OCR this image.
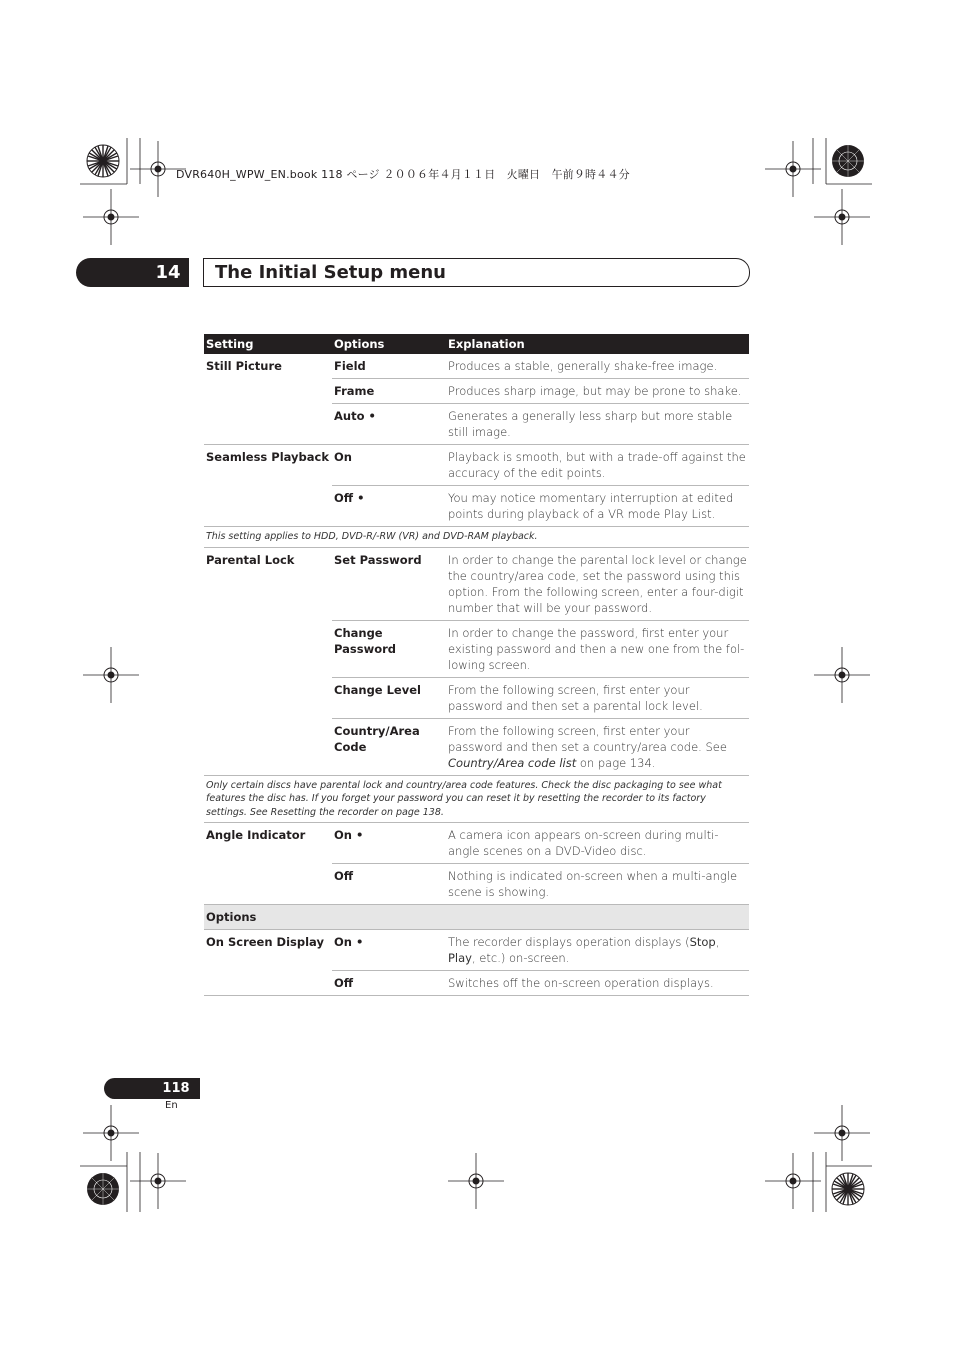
DVR640H_WPW_EN.book 118 ページ ２００６年４月１１日　火曜日　午前９時４４分
14	The Initial Setup menu
Setting	Options	Explanation
Still Picture	Field	Produces a stable, generally shake-free image.
	Frame	Produces sharp image, but may be prone to shake.
	Auto •	Generates a generally less sharp but more stable still image.
Seamless Playback	On	Playback is smooth, but with a trade-off against the accuracy of the edit points.
	Off •	You may notice momentary interruption at edited points during playback of a VR mode Play List.
This setting applies to HDD, DVD-R/-RW (VR) and DVD-RAM playback.		
Parental Lock	Set Password	In order to change the parental lock level or change the country/area code, set the password using this option. From the following screen, enter a four-digit number that will be your password.
	Change Password	In order to change the password, first enter your existing password and then a new one from the fol-lowing screen.
	Change Level	From the following screen, first enter your password and then set a parental lock level.
	Country/Area Code	From the following screen, first enter your password and then set a country/area code. See Country/Area code list on page 134.
Only certain discs have parental lock and country/area code features. Check the disc packaging to see what features the disc has. If you forget your password you can reset it by resetting the recorder to its factory settings. See Resetting the recorder on page 138.		
Angle Indicator	On •	A camera icon appears on-screen during multi-angle scenes on a DVD-Video disc.
	Off	Nothing is indicated on-screen when a multi-angle scene is showing.
Options		
On Screen Display	On •	The recorder displays operation displays (Stop, Play, etc.) on-screen.
	Off	Switches off the on-screen operation displays.
118
En
